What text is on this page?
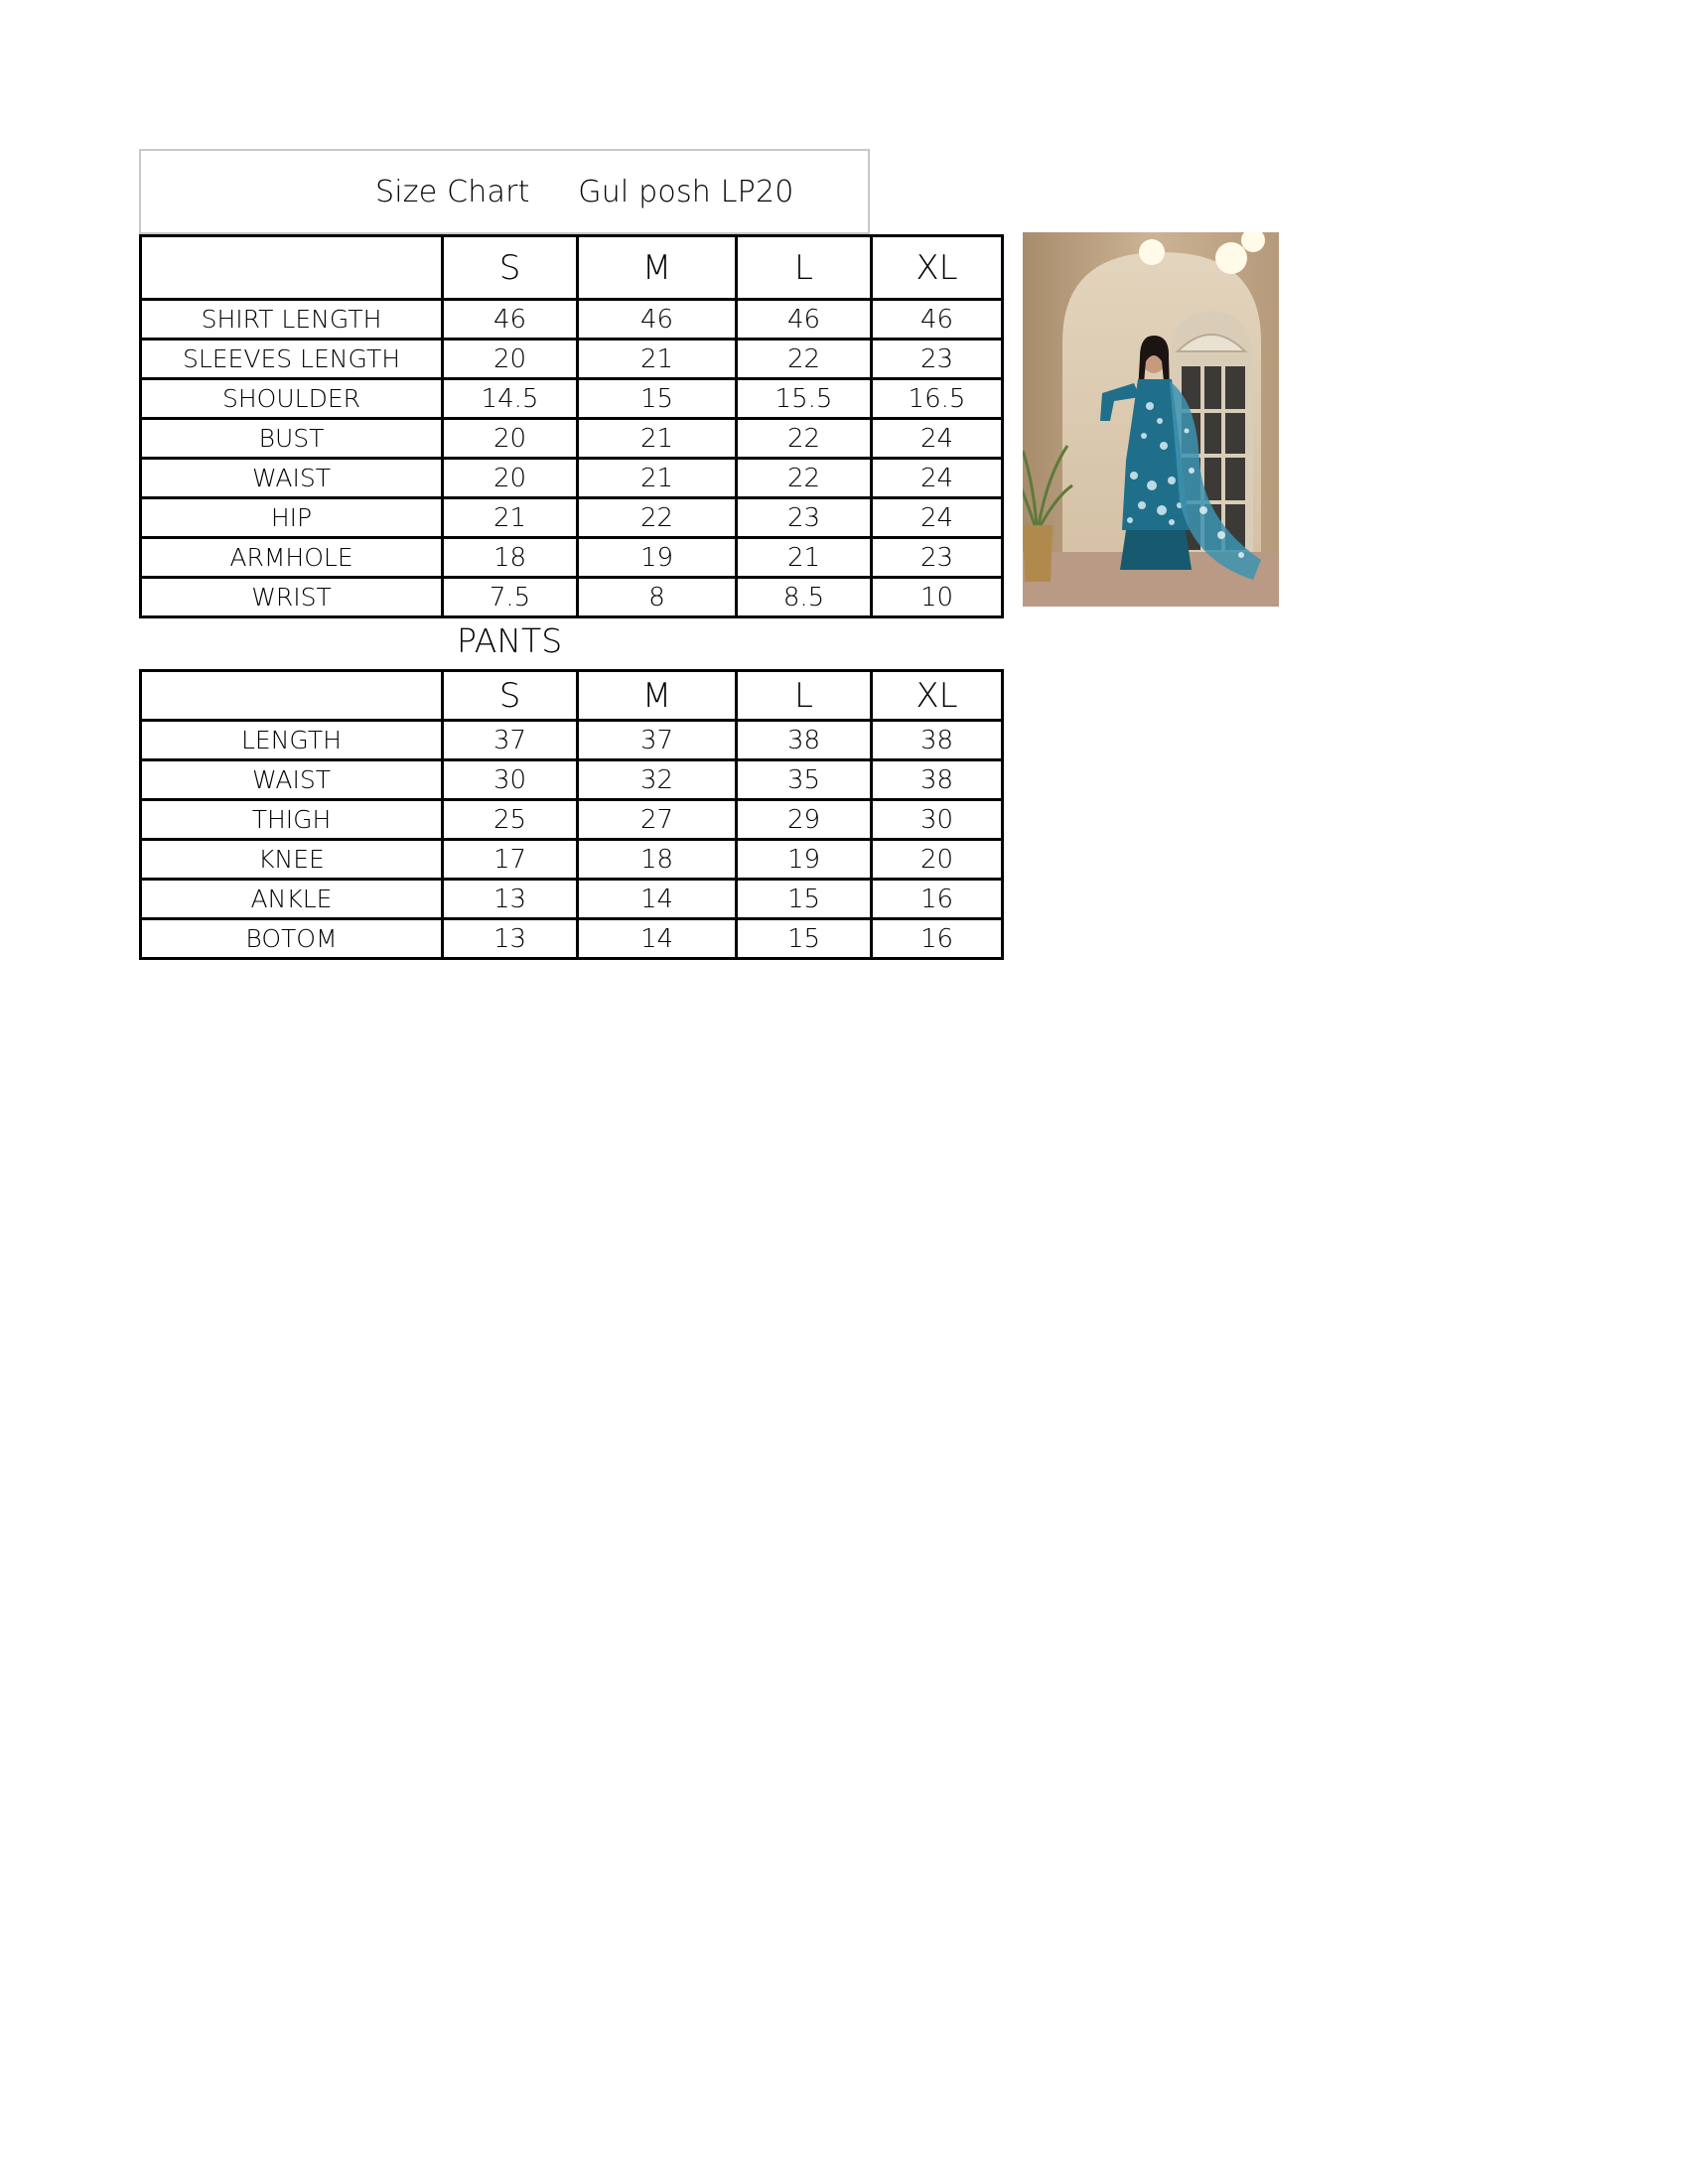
Size Chart Gul posh LP20
	S	M	L	XL
SHIRT LENGTH	46	46	46	46
SLEEVES LENGTH	20	21	22	23
SHOULDER	14.5	15	15.5	16.5
BUST	20	21	22	24
WAIST	20	21	22	24
HIP	21	22	23	24
ARMHOLE	18	19	21	23
WRIST	7.5	8	8.5	10
PANTS
	S	M	L	XL
LENGTH	37	37	38	38
WAIST	30	32	35	38
THIGH	25	27	29	30
KNEE	17	18	19	20
ANKLE	13	14	15	16
BOTOM	13	14	15	16
